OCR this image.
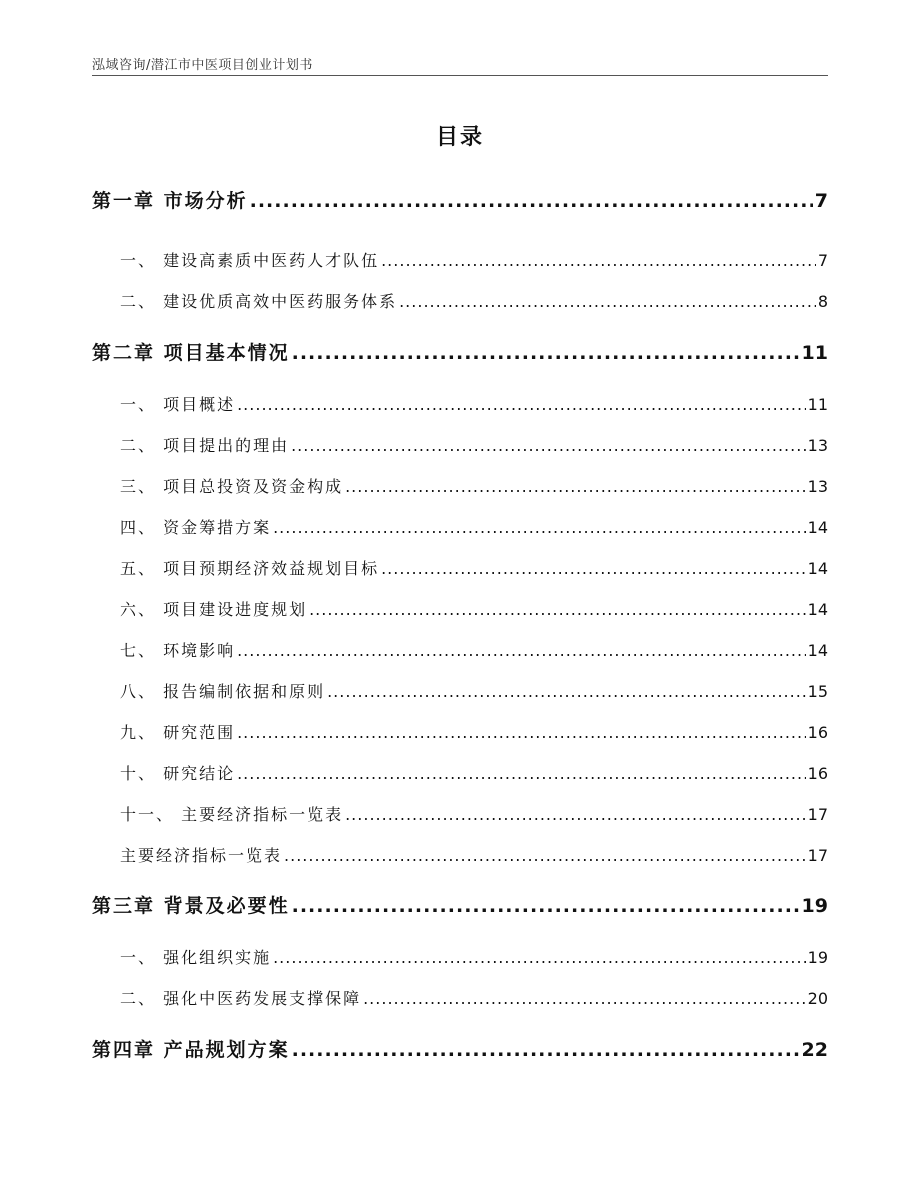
泓域咨询/潜江市中医项目创业计划书
目录
第一章 市场分析 .....	7
一、 建设高素质中医药人才队伍 .....	7
二、 建设优质高效中医药服务体系 .....	8
第二章 项目基本情况 .....	11
一、 项目概述 .....	11
二、 项目提出的理由 .....	13
三、 项目总投资及资金构成 .....	13
四、 资金筹措方案 .....	14
五、 项目预期经济效益规划目标 .....	14
六、 项目建设进度规划 .....	14
七、 环境影响 .....	14
八、 报告编制依据和原则 .....	15
九、 研究范围 .....	16
十、 研究结论 .....	16
十一、 主要经济指标一览表 .....	17
主要经济指标一览表 .....	17
第三章 背景及必要性 .....	19
一、 强化组织实施 .....	19
二、 强化中医药发展支撑保障 .....	20
第四章 产品规划方案 .....	22
